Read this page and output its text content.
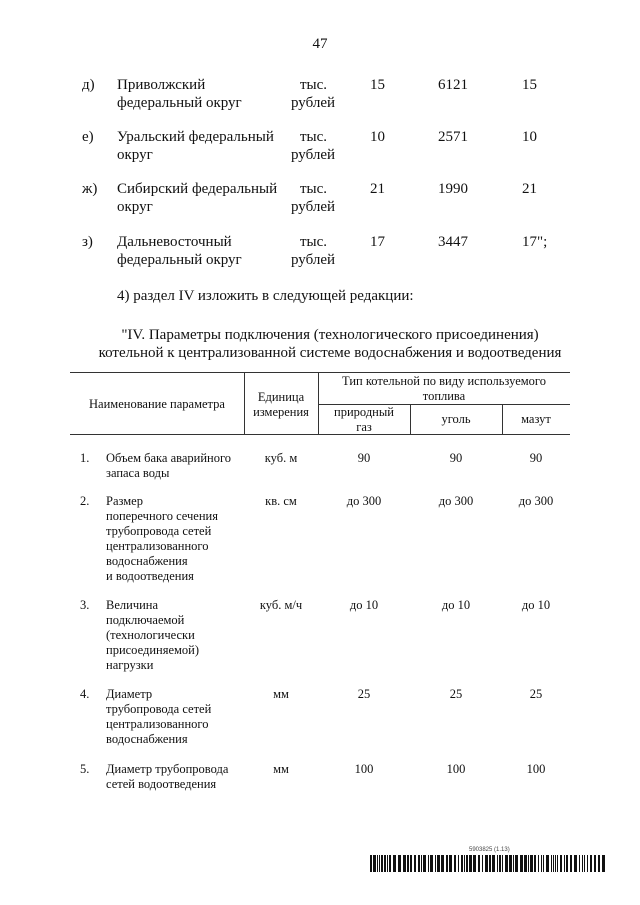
47
д) Приволжский
федеральный округ
тыс.
рублей
15	6121	15
е) Уральский федеральный
округ
тыс.
рублей
10	2571	10
ж) Сибирский федеральный
округ
тыс.
рублей
21	1990	21
з) Дальневосточный
федеральный округ
тыс.
рублей
17	3447	17";
4) раздел IV изложить в следующей редакции:
"IV. Параметры подключения (технологического присоединения)
котельной к централизованной системе водоснабжения и водоотведения
Наименование параметра	Единица
измерения
Тип котельной по виду используемого
топлива
природный
газ
уголь	мазут
1. Объем бака аварийного
запаса воды
куб. м	90	90	90
2. Размер
поперечного сечения
трубопровода сетей
централизованного
водоснабжения
и водоотведения
кв. см	до 300	до 300	до 300
3. Величина
подключаемой
(технологически
присоединяемой)
нагрузки
куб. м/ч	до 10	до 10	до 10
4. Диаметр
трубопровода сетей
централизованного
водоснабжения
мм	25	25	25
5. Диаметр трубопровода
сетей водоотведения
мм	100	100	100
5903825 (1.13)
